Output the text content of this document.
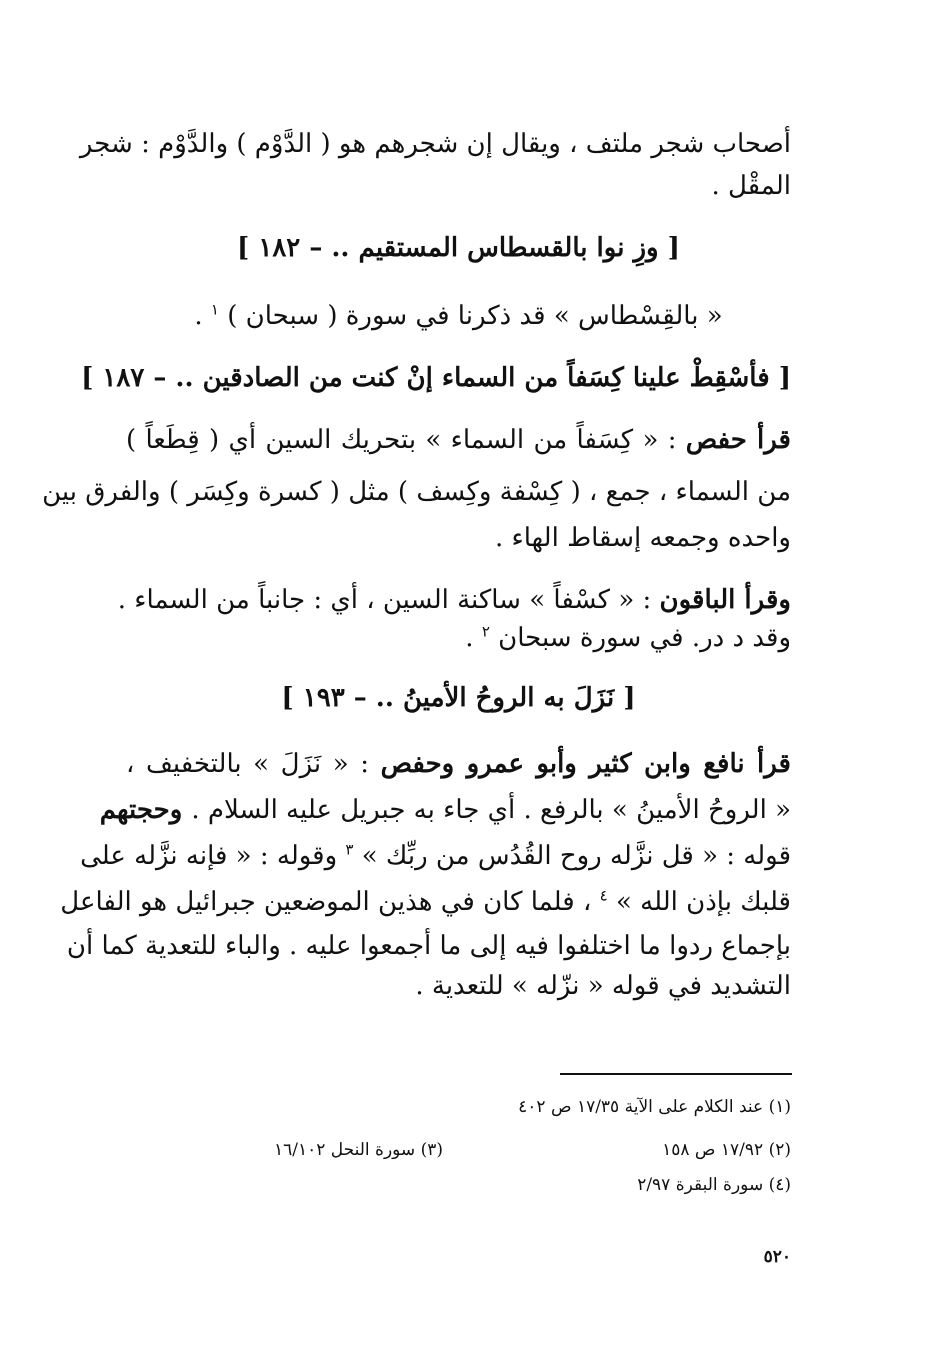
أصحاب شجر ملتف ، ويقال إن شجرهم هو ( الدَّوْم ) والدَّوْم : شجر
المقْل .
[ وزِ نوا بالقسطاس المستقيم .. – ١٨٢ ]
« بالقِسْطاس » قد ذكرنا في سورة ( سبحان ) $^١$ .
[ فأسْقِطْ علينا كِسَفاً من السماء إنْ كنت من الصادقين .. – ١٨٧ ]
قرأ حفص : « كِسَفاً من السماء » بتحريك السين أي ( قِطَعاً )
من السماء ، جمع ، ( كِسْفة وكِسف ) مثل ( كسرة وكِسَر ) والفرق بين
واحده وجمعه إسقاط الهاء .
وقرأ الباقون : « كسْفاً » ساكنة السين ، أي : جانباً من السماء .
وقد د در. في سورة سبحان $^٢$ .
[ نَزَلَ به الروحُ الأمينُ .. – ١٩٣ ]
قرأ نافع وابن كثير وأبو عمرو وحفص : « نَزَلَ » بالتخفيف ،
« الروحُ الأمينُ » بالرفع . أي جاء به جبريل عليه السلام . وحجتهم
قوله : « قل نزَّله روح القُدُس من ربِّك » $^٣$ وقوله : « فإنه نزَّله على
قلبك بإذن الله » $^٤$ ، فلما كان في هذين الموضعين جبرائيل هو الفاعل
بإجماع ردوا ما اختلفوا فيه إلى ما أجمعوا عليه . والباء للتعدية كما أن
التشديد في قوله « نزّله » للتعدية .
(١) عند الكلام على الآية ١٧/٣٥ ص ٤٠٢
(٢) ١٧/٩٢ ص ١٥٨
(٣) سورة النحل ١٦/١٠٢
(٤) سورة البقرة ٢/٩٧
٥٢٠
